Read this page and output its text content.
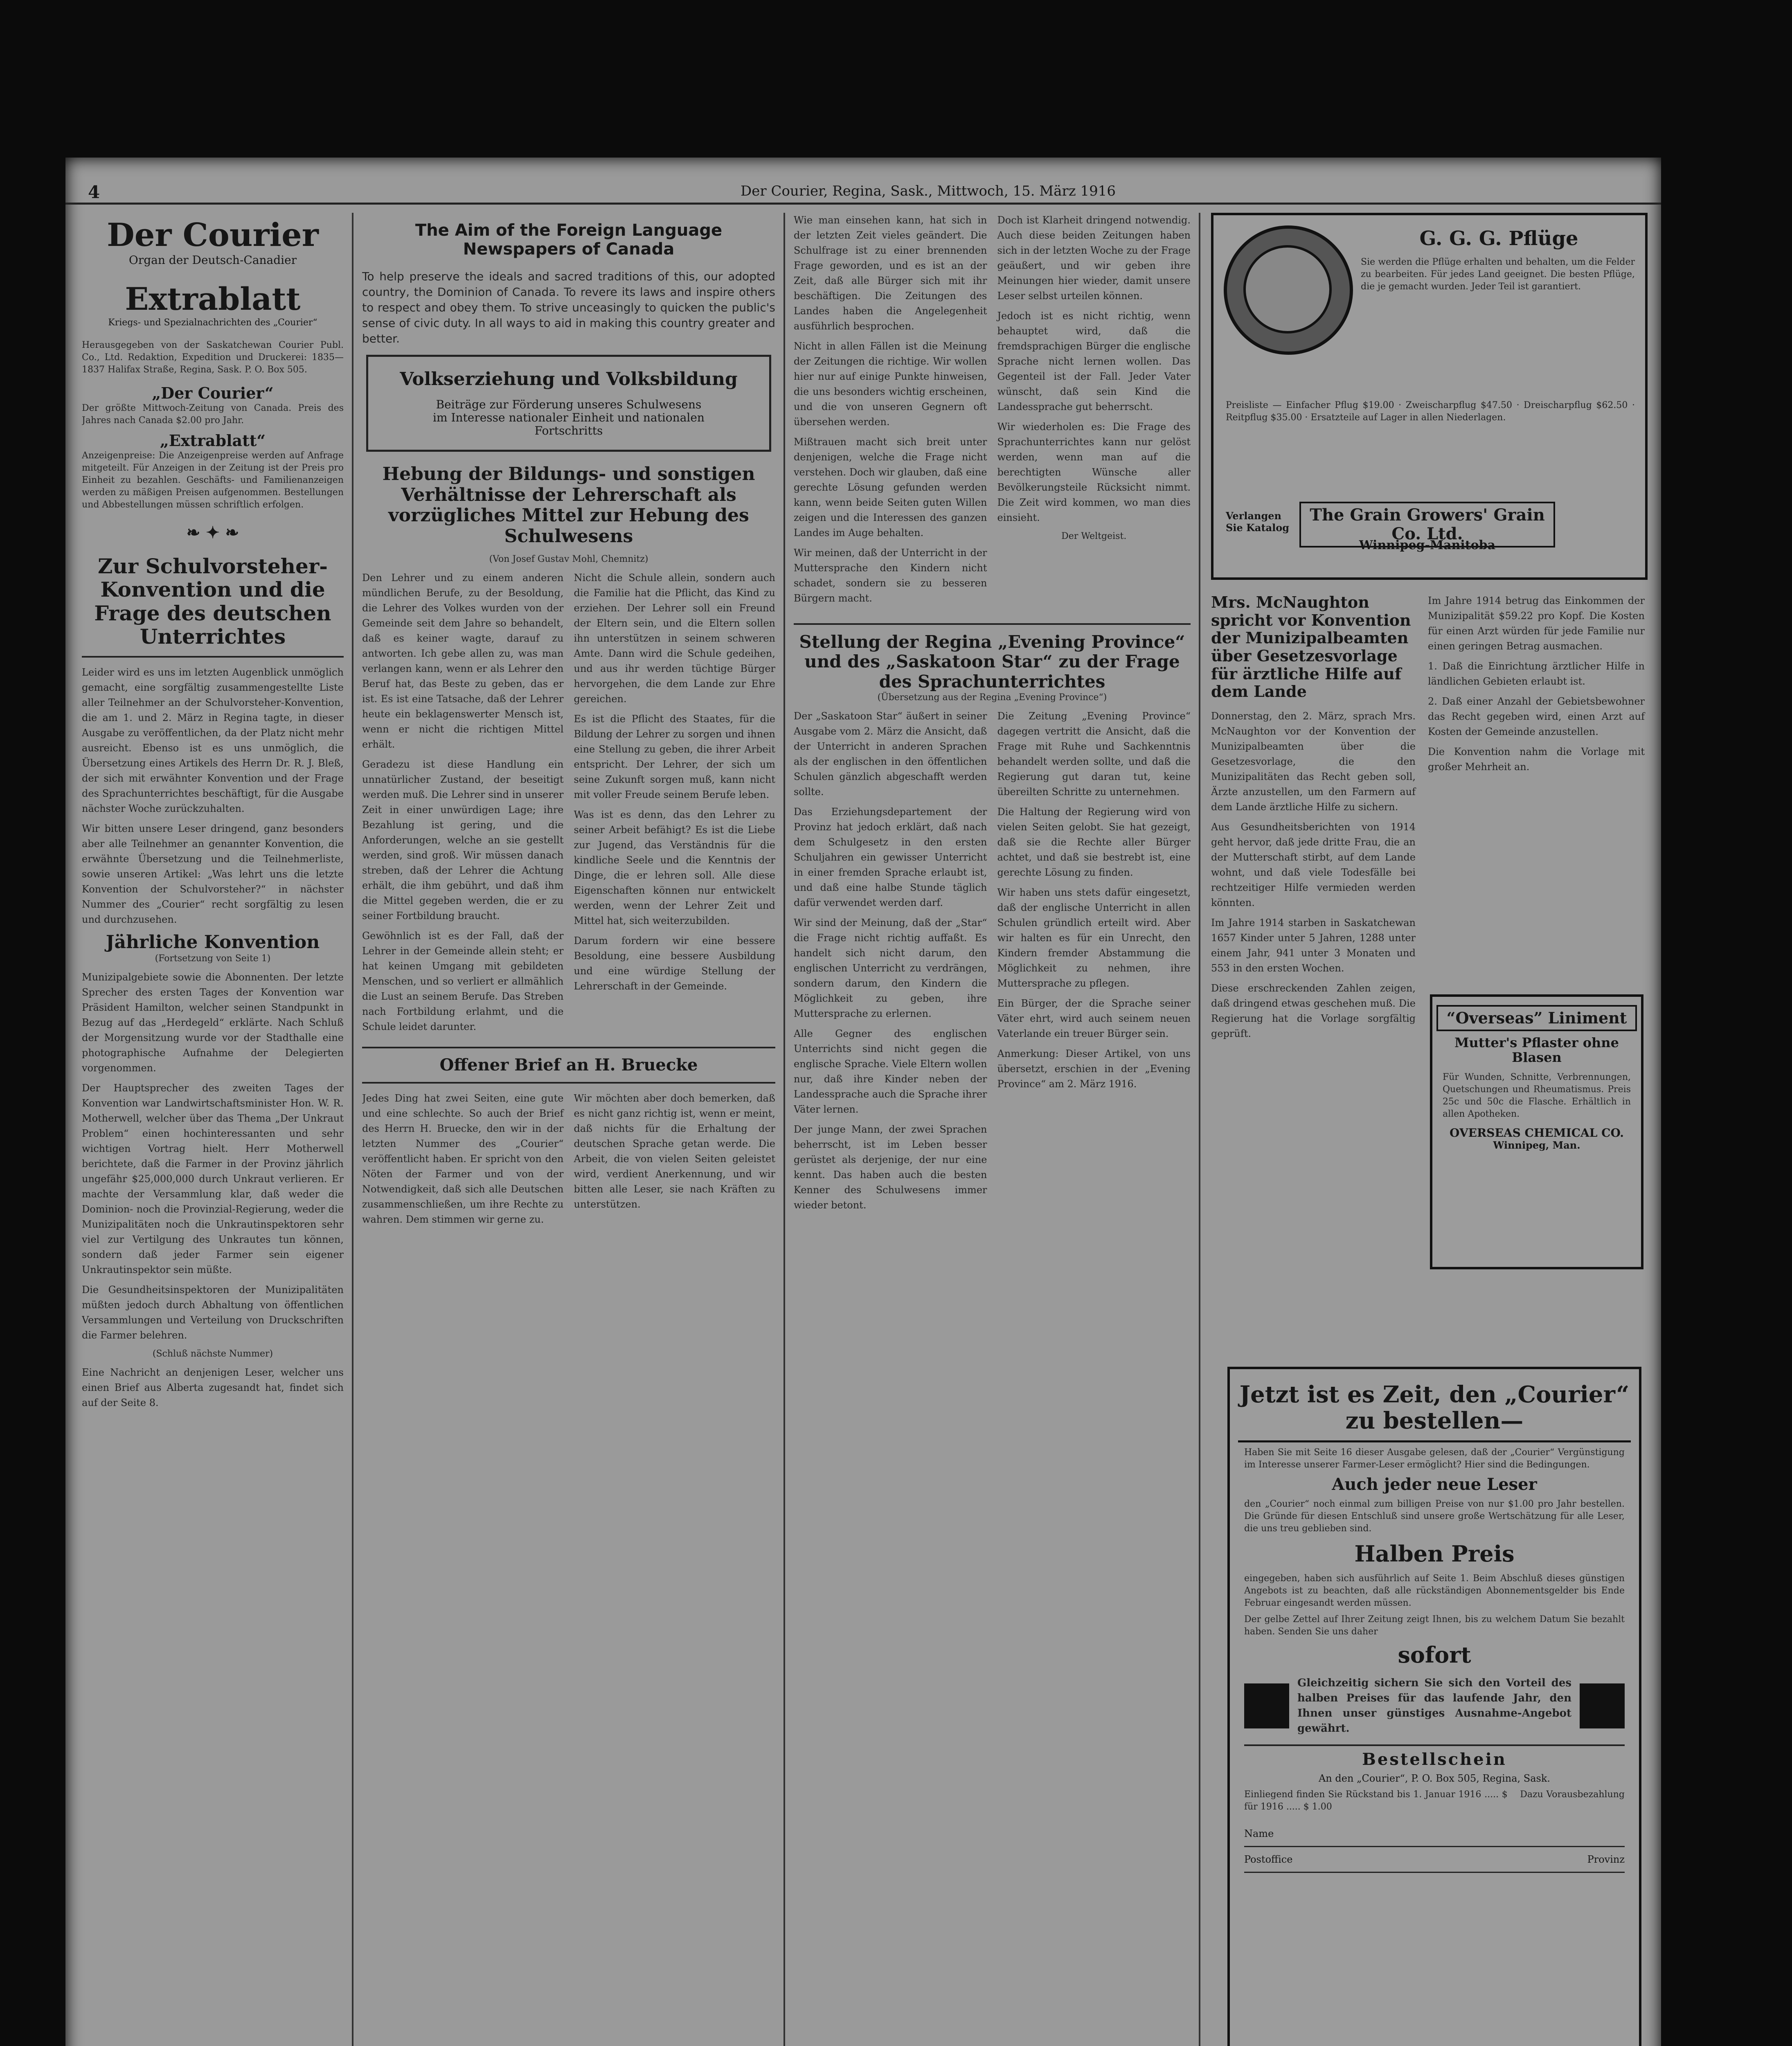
4	Der Courier, Regina, Sask., Mittwoch, 15. März 1916
Der Courier
Organ der Deutsch-Canadier
Extrablatt
Kriegs- und Spezialnachrichten des „Courier“

Herausgegeben von der Saskatchewan Courier Publ. Co., Ltd. Redaktion, Expedition und Druckerei: 1835—1837 Halifax Straße, Regina, Sask. P. O. Box 505.

„Der Courier“

Der größte Mittwoch-Zeitung von Canada. Preis des Jahres nach Canada $2.00 pro Jahr.

„Extrablatt“

Anzeigenpreise: Die Anzeigenpreise werden auf Anfrage mitgeteilt. Für Anzeigen in der Zeitung ist der Preis pro Einheit zu bezahlen. Geschäfts- und Familienanzeigen werden zu mäßigen Preisen aufgenommen. Bestellungen und Abbestellungen müssen schriftlich erfolgen.

❧ ✦ ❧
Zur Schulvorsteher-Konvention und die Frage des deutschen Unterrichtes

Leider wird es uns im letzten Augenblick unmöglich gemacht, eine sorgfältig zusammengestellte Liste aller Teilnehmer an der Schulvorsteher-Konvention, die am 1. und 2. März in Regina tagte, in dieser Ausgabe zu veröffentlichen, da der Platz nicht mehr ausreicht. Ebenso ist es uns unmöglich, die Übersetzung eines Artikels des Herrn Dr. R. J. Bleß, der sich mit erwähnter Konvention und der Frage des Sprachunterrichtes beschäftigt, für die Ausgabe nächster Woche zurückzuhalten.

Wir bitten unsere Leser dringend, ganz besonders aber alle Teilnehmer an genannter Konvention, die erwähnte Übersetzung und die Teilnehmerliste, sowie unseren Artikel: „Was lehrt uns die letzte Konvention der Schulvorsteher?“ in nächster Nummer des „Courier“ recht sorgfältig zu lesen und durchzusehen.

Jährliche Konvention

(Fortsetzung von Seite 1)

Munizipalgebiete sowie die Abonnenten. Der letzte Sprecher des ersten Tages der Konvention war Präsident Hamilton, welcher seinen Standpunkt in Bezug auf das „Herdegeld“ erklärte. Nach Schluß der Morgensitzung wurde vor der Stadthalle eine photographische Aufnahme der Delegierten vorgenommen.

Der Hauptsprecher des zweiten Tages der Konvention war Landwirtschaftsminister Hon. W. R. Motherwell, welcher über das Thema „Der Unkraut Problem“ einen hochinteressanten und sehr wichtigen Vortrag hielt. Herr Motherwell berichtete, daß die Farmer in der Provinz jährlich ungefähr $25,000,000 durch Unkraut verlieren. Er machte der Versammlung klar, daß weder die Dominion- noch die Provinzial-Regierung, weder die Munizipalitäten noch die Unkrautinspektoren sehr viel zur Vertilgung des Unkrautes tun können, sondern daß jeder Farmer sein eigener Unkrautinspektor sein müßte.

Die Gesundheitsinspektoren der Munizipalitäten müßten jedoch durch Abhaltung von öffentlichen Versammlungen und Verteilung von Druckschriften die Farmer belehren.

(Schluß nächste Nummer)

Eine Nachricht an denjenigen Leser, welcher uns einen Brief aus Alberta zugesandt hat, findet sich auf der Seite 8.

The Aim of the Foreign Language Newspapers of Canada

To help preserve the ideals and sacred traditions of this, our adopted country, the Dominion of Canada. To revere its laws and inspire others to respect and obey them. To strive unceasingly to quicken the public's sense of civic duty. In all ways to aid in making this country greater and better.

Volkserziehung und Volksbildung
Beiträge zur Förderung unseres Schulwesens im Interesse nationaler Einheit und nationalen Fortschritts
Hebung der Bildungs- und sonstigen Verhältnisse der Lehrerschaft als vorzügliches Mittel zur Hebung des Schulwesens

(Von Josef Gustav Mohl, Chemnitz)

Den Lehrer und zu einem anderen mündlichen Berufe, zu der Besoldung, die Lehrer des Volkes wurden von der Gemeinde seit dem Jahre so behandelt, daß es keiner wagte, darauf zu antworten. Ich gebe allen zu, was man verlangen kann, wenn er als Lehrer den Beruf hat, das Beste zu geben, das er ist. Es ist eine Tatsache, daß der Lehrer heute ein beklagenswerter Mensch ist, wenn er nicht die richtigen Mittel erhält.

Geradezu ist diese Handlung ein unnatürlicher Zustand, der beseitigt werden muß. Die Lehrer sind in unserer Zeit in einer unwürdigen Lage; ihre Bezahlung ist gering, und die Anforderungen, welche an sie gestellt werden, sind groß. Wir müssen danach streben, daß der Lehrer die Achtung erhält, die ihm gebührt, und daß ihm die Mittel gegeben werden, die er zu seiner Fortbildung braucht.

Gewöhnlich ist es der Fall, daß der Lehrer in der Gemeinde allein steht; er hat keinen Umgang mit gebildeten Menschen, und so verliert er allmählich die Lust an seinem Berufe. Das Streben nach Fortbildung erlahmt, und die Schule leidet darunter.

Nicht die Schule allein, sondern auch die Familie hat die Pflicht, das Kind zu erziehen. Der Lehrer soll ein Freund der Eltern sein, und die Eltern sollen ihn unterstützen in seinem schweren Amte. Dann wird die Schule gedeihen, und aus ihr werden tüchtige Bürger hervorgehen, die dem Lande zur Ehre gereichen.

Es ist die Pflicht des Staates, für die Bildung der Lehrer zu sorgen und ihnen eine Stellung zu geben, die ihrer Arbeit entspricht. Der Lehrer, der sich um seine Zukunft sorgen muß, kann nicht mit voller Freude seinem Berufe leben.

Was ist es denn, das den Lehrer zu seiner Arbeit befähigt? Es ist die Liebe zur Jugend, das Verständnis für die kindliche Seele und die Kenntnis der Dinge, die er lehren soll. Alle diese Eigenschaften können nur entwickelt werden, wenn der Lehrer Zeit und Mittel hat, sich weiterzubilden.

Darum fordern wir eine bessere Besoldung, eine bessere Ausbildung und eine würdige Stellung der Lehrerschaft in der Gemeinde.

Offener Brief an H. Bruecke

Jedes Ding hat zwei Seiten, eine gute und eine schlechte. So auch der Brief des Herrn H. Bruecke, den wir in der letzten Nummer des „Courier“ veröffentlicht haben. Er spricht von den Nöten der Farmer und von der Notwendigkeit, daß sich alle Deutschen zusammenschließen, um ihre Rechte zu wahren. Dem stimmen wir gerne zu.

Wir möchten aber doch bemerken, daß es nicht ganz richtig ist, wenn er meint, daß nichts für die Erhaltung der deutschen Sprache getan werde. Die Arbeit, die von vielen Seiten geleistet wird, verdient Anerkennung, und wir bitten alle Leser, sie nach Kräften zu unterstützen.

Wie man einsehen kann, hat sich in der letzten Zeit vieles geändert. Die Schulfrage ist zu einer brennenden Frage geworden, und es ist an der Zeit, daß alle Bürger sich mit ihr beschäftigen. Die Zeitungen des Landes haben die Angelegenheit ausführlich besprochen.

Nicht in allen Fällen ist die Meinung der Zeitungen die richtige. Wir wollen hier nur auf einige Punkte hinweisen, die uns besonders wichtig erscheinen, und die von unseren Gegnern oft übersehen werden.

Mißtrauen macht sich breit unter denjenigen, welche die Frage nicht verstehen. Doch wir glauben, daß eine gerechte Lösung gefunden werden kann, wenn beide Seiten guten Willen zeigen und die Interessen des ganzen Landes im Auge behalten.

Wir meinen, daß der Unterricht in der Muttersprache den Kindern nicht schadet, sondern sie zu besseren Bürgern macht.

Doch ist Klarheit dringend notwendig. Auch diese beiden Zeitungen haben sich in der letzten Woche zu der Frage geäußert, und wir geben ihre Meinungen hier wieder, damit unsere Leser selbst urteilen können.

Jedoch ist es nicht richtig, wenn behauptet wird, daß die fremdsprachigen Bürger die englische Sprache nicht lernen wollen. Das Gegenteil ist der Fall. Jeder Vater wünscht, daß sein Kind die Landessprache gut beherrscht.

Wir wiederholen es: Die Frage des Sprachunterrichtes kann nur gelöst werden, wenn man auf die berechtigten Wünsche aller Bevölkerungsteile Rücksicht nimmt. Die Zeit wird kommen, wo man dies einsieht.

Der Weltgeist.

Stellung der Regina „Evening Province“ und des „Saskatoon Star“ zu der Frage des Sprachunterrichtes

(Übersetzung aus der Regina „Evening Province“)

Der „Saskatoon Star“ äußert in seiner Ausgabe vom 2. März die Ansicht, daß der Unterricht in anderen Sprachen als der englischen in den öffentlichen Schulen gänzlich abgeschafft werden sollte.

Das Erziehungsdepartement der Provinz hat jedoch erklärt, daß nach dem Schulgesetz in den ersten Schuljahren ein gewisser Unterricht in einer fremden Sprache erlaubt ist, und daß eine halbe Stunde täglich dafür verwendet werden darf.

Wir sind der Meinung, daß der „Star“ die Frage nicht richtig auffaßt. Es handelt sich nicht darum, den englischen Unterricht zu verdrängen, sondern darum, den Kindern die Möglichkeit zu geben, ihre Muttersprache zu erlernen.

Alle Gegner des englischen Unterrichts sind nicht gegen die englische Sprache. Viele Eltern wollen nur, daß ihre Kinder neben der Landessprache auch die Sprache ihrer Väter lernen.

Der junge Mann, der zwei Sprachen beherrscht, ist im Leben besser gerüstet als derjenige, der nur eine kennt. Das haben auch die besten Kenner des Schulwesens immer wieder betont.

Die Zeitung „Evening Province“ dagegen vertritt die Ansicht, daß die Frage mit Ruhe und Sachkenntnis behandelt werden sollte, und daß die Regierung gut daran tut, keine übereilten Schritte zu unternehmen.

Die Haltung der Regierung wird von vielen Seiten gelobt. Sie hat gezeigt, daß sie die Rechte aller Bürger achtet, und daß sie bestrebt ist, eine gerechte Lösung zu finden.

Wir haben uns stets dafür eingesetzt, daß der englische Unterricht in allen Schulen gründlich erteilt wird. Aber wir halten es für ein Unrecht, den Kindern fremder Abstammung die Möglichkeit zu nehmen, ihre Muttersprache zu pflegen.

Ein Bürger, der die Sprache seiner Väter ehrt, wird auch seinem neuen Vaterlande ein treuer Bürger sein.

Anmerkung: Dieser Artikel, von uns übersetzt, erschien in der „Evening Province“ am 2. März 1916.

G. G. G. Pflüge

Sie werden die Pflüge erhalten und behalten, um die Felder zu bearbeiten. Für jedes Land geeignet. Die besten Pflüge, die je gemacht wurden. Jeder Teil ist garantiert.

Preisliste — Einfacher Pflug $19.00 · Zweischarpflug $47.50 · Dreischarpflug $62.50 · Reitpflug $35.00 · Ersatzteile auf Lager in allen Niederlagen.

Verlangen Sie Katalog
The Grain Growers' Grain Co. Ltd.
Winnipeg-Manitoba
Mrs. McNaughton spricht vor Konvention der Munizipalbeamten über Gesetzesvorlage für ärztliche Hilfe auf dem Lande

Donnerstag, den 2. März, sprach Mrs. McNaughton vor der Konvention der Munizipalbeamten über die Gesetzesvorlage, die den Munizipalitäten das Recht geben soll, Ärzte anzustellen, um den Farmern auf dem Lande ärztliche Hilfe zu sichern.

Aus Gesundheitsberichten von 1914 geht hervor, daß jede dritte Frau, die an der Mutterschaft stirbt, auf dem Lande wohnt, und daß viele Todesfälle bei rechtzeitiger Hilfe vermieden werden könnten.

Im Jahre 1914 starben in Saskatchewan 1657 Kinder unter 5 Jahren, 1288 unter einem Jahr, 941 unter 3 Monaten und 553 in den ersten Wochen.

Diese erschreckenden Zahlen zeigen, daß dringend etwas geschehen muß. Die Regierung hat die Vorlage sorgfältig geprüft.

Im Jahre 1914 betrug das Einkommen der Munizipalität $59.22 pro Kopf. Die Kosten für einen Arzt würden für jede Familie nur einen geringen Betrag ausmachen.

1. Daß die Einrichtung ärztlicher Hilfe in ländlichen Gebieten erlaubt ist.

2. Daß einer Anzahl der Gebietsbewohner das Recht gegeben wird, einen Arzt auf Kosten der Gemeinde anzustellen.

Die Konvention nahm die Vorlage mit großer Mehrheit an.

“Overseas” Liniment
Mutter's Pflaster ohne Blasen

Für Wunden, Schnitte, Verbrennungen, Quetschungen und Rheumatismus. Preis 25c und 50c die Flasche. Erhältlich in allen Apotheken.

OVERSEAS CHEMICAL CO.
Winnipeg, Man.
Jetzt ist es Zeit, den „Courier“ zu bestellen—

Haben Sie mit Seite 16 dieser Ausgabe gelesen, daß der „Courier“ Vergünstigung im Interesse unserer Farmer-Leser ermöglicht? Hier sind die Bedingungen.

Auch jeder neue Leser

den „Courier“ noch einmal zum billigen Preise von nur $1.00 pro Jahr bestellen. Die Gründe für diesen Entschluß sind unsere große Wertschätzung für alle Leser, die uns treu geblieben sind.

Halben Preis

eingegeben, haben sich ausführlich auf Seite 1. Beim Abschluß dieses günstigen Angebots ist zu beachten, daß alle rückständigen Abonnementsgelder bis Ende Februar eingesandt werden müssen.

Der gelbe Zettel auf Ihrer Zeitung zeigt Ihnen, bis zu welchem Datum Sie bezahlt haben. Senden Sie uns daher

sofort

Gleichzeitig sichern Sie sich den Vorteil des halben Preises für das laufende Jahr, den Ihnen unser günstiges Ausnahme-Angebot gewährt.

Bestellschein
An den „Courier“, P. O. Box 505, Regina, Sask.

Einliegend finden Sie Rückstand bis 1. Januar 1916 ..... $    Dazu Vorausbezahlung für 1916 ..... $ 1.00

Name
Postoffice	Provinz
